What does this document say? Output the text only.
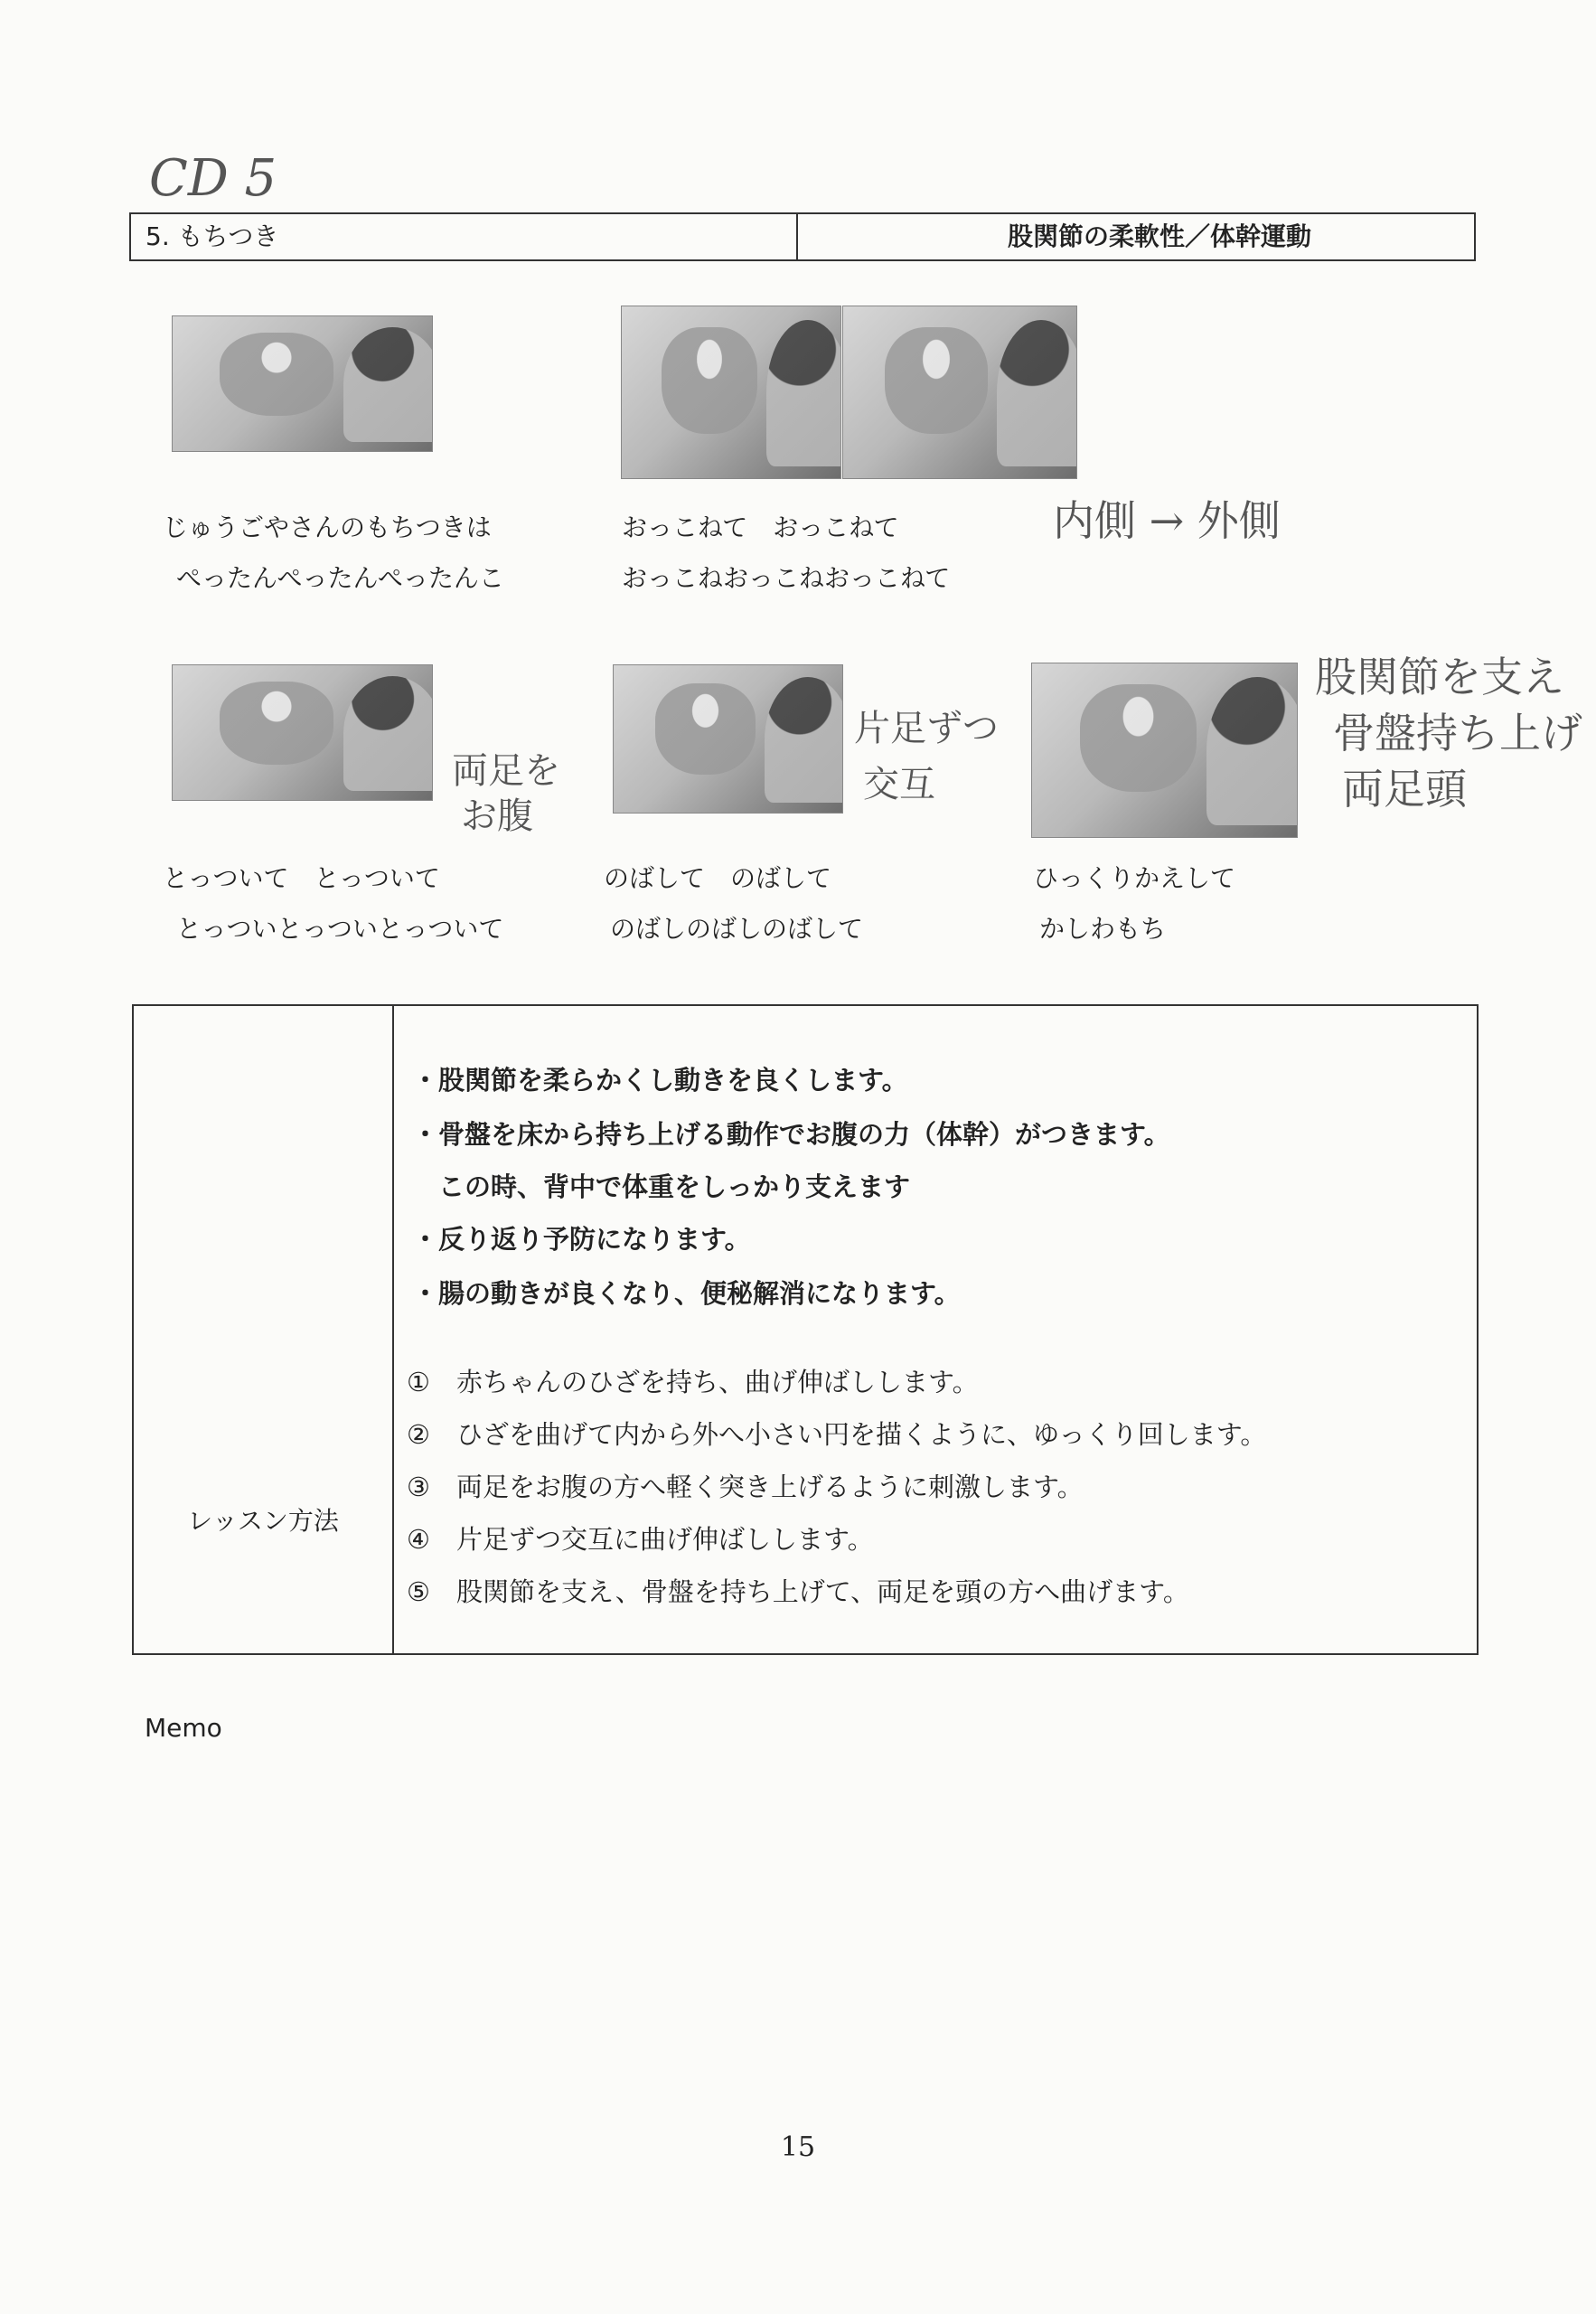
CD 5
5. もちつき	股関節の柔軟性／体幹運動
じゅうごやさんのもちつきは
ぺったんぺったんぺったんこ
おっこねて　おっこねて
おっこねおっこねおっこねて
内側 → 外側
両足を
お腹
片足ずつ
交互
股関節を支え
骨盤持ち上げ
両足頭
とっついて　とっついて
とっついとっついとっついて
のばして　のばして
のばしのばしのばして
ひっくりかえして
かしわもち
レッスン方法
・股関節を柔らかくし動きを良くします。
・骨盤を床から持ち上げる動作でお腹の力（体幹）がつきます。
　この時、背中で体重をしっかり支えます
・反り返り予防になります。
・腸の動きが良くなり、便秘解消になります。
①　赤ちゃんのひざを持ち、曲げ伸ばしします。
②　ひざを曲げて内から外へ小さい円を描くように、ゆっくり回します。
③　両足をお腹の方へ軽く突き上げるように刺激します。
④　片足ずつ交互に曲げ伸ばしします。
⑤　股関節を支え、骨盤を持ち上げて、両足を頭の方へ曲げます。
Memo
15
